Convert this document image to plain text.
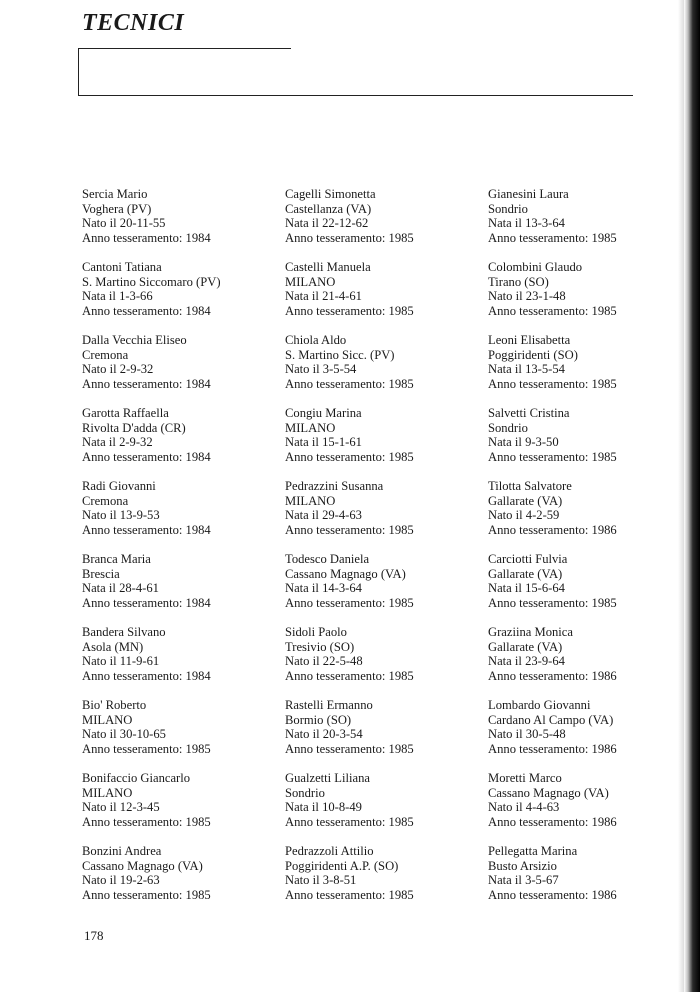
TECNICI
Sercia Mario
Voghera (PV)
Nato il 20-11-55
Anno tesseramento: 1984
Cantoni Tatiana
S. Martino Siccomaro (PV)
Nata il 1-3-66
Anno tesseramento: 1984
Dalla Vecchia Eliseo
Cremona
Nato il 2-9-32
Anno tesseramento: 1984
Garotta Raffaella
Rivolta D'adda (CR)
Nata il 2-9-32
Anno tesseramento: 1984
Radi Giovanni
Cremona
Nato il 13-9-53
Anno tesseramento: 1984
Branca Maria
Brescia
Nata il 28-4-61
Anno tesseramento: 1984
Bandera Silvano
Asola (MN)
Nato il 11-9-61
Anno tesseramento: 1984
Bio' Roberto
MILANO
Nato il 30-10-65
Anno tesseramento: 1985
Bonifaccio Giancarlo
MILANO
Nato il 12-3-45
Anno tesseramento: 1985
Bonzini Andrea
Cassano Magnago (VA)
Nato il 19-2-63
Anno tesseramento: 1985
Cagelli Simonetta
Castellanza (VA)
Nata il 22-12-62
Anno tesseramento: 1985
Castelli Manuela
MILANO
Nata il 21-4-61
Anno tesseramento: 1985
Chiola Aldo
S. Martino Sicc. (PV)
Nato il 3-5-54
Anno tesseramento: 1985
Congiu Marina
MILANO
Nata il 15-1-61
Anno tesseramento: 1985
Pedrazzini Susanna
MILANO
Nata il 29-4-63
Anno tesseramento: 1985
Todesco Daniela
Cassano Magnago (VA)
Nata il 14-3-64
Anno tesseramento: 1985
Sidoli Paolo
Tresivio (SO)
Nato il 22-5-48
Anno tesseramento: 1985
Rastelli Ermanno
Bormio (SO)
Nato il 20-3-54
Anno tesseramento: 1985
Gualzetti Liliana
Sondrio
Nata il 10-8-49
Anno tesseramento: 1985
Pedrazzoli Attilio
Poggiridenti A.P. (SO)
Nato il 3-8-51
Anno tesseramento: 1985
Gianesini Laura
Sondrio
Nata il 13-3-64
Anno tesseramento: 1985
Colombini Glaudo
Tirano (SO)
Nato il 23-1-48
Anno tesseramento: 1985
Leoni Elisabetta
Poggiridenti (SO)
Nata il 13-5-54
Anno tesseramento: 1985
Salvetti Cristina
Sondrio
Nata il 9-3-50
Anno tesseramento: 1985
Tilotta Salvatore
Gallarate (VA)
Nato il 4-2-59
Anno tesseramento: 1986
Carciotti Fulvia
Gallarate (VA)
Nata il 15-6-64
Anno tesseramento: 1985
Graziina Monica
Gallarate (VA)
Nata il 23-9-64
Anno tesseramento: 1986
Lombardo Giovanni
Cardano Al Campo (VA)
Nato il 30-5-48
Anno tesseramento: 1986
Moretti Marco
Cassano Magnago (VA)
Nato il 4-4-63
Anno tesseramento: 1986
Pellegatta Marina
Busto Arsizio
Nata il 3-5-67
Anno tesseramento: 1986
178
